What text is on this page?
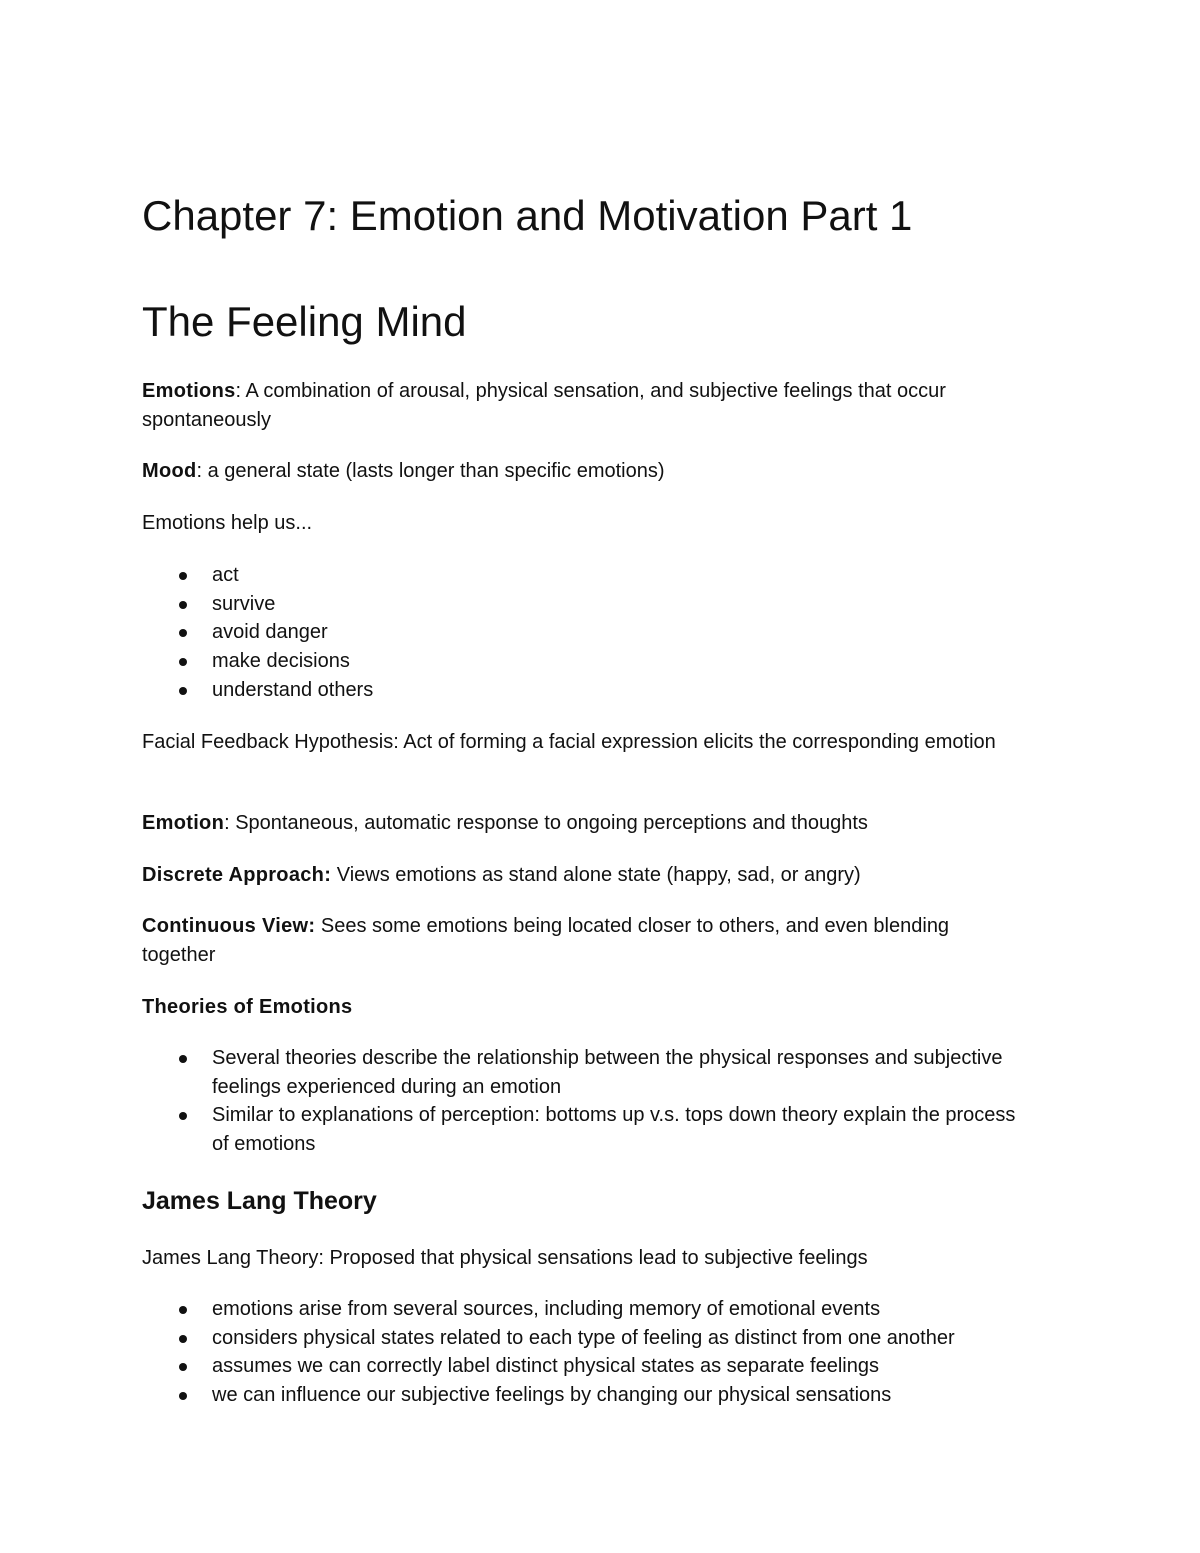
Chapter 7: Emotion and Motivation Part 1
The Feeling Mind

Emotions: A combination of arousal, physical sensation, and subjective feelings that occur spontaneously

Mood: a general state (lasts longer than specific emotions)

Emotions help us...

act
survive
avoid danger
make decisions
understand others

Facial Feedback Hypothesis: Act of forming a facial expression elicits the corresponding emotion

Emotion: Spontaneous, automatic response to ongoing perceptions and thoughts

Discrete Approach: Views emotions as stand alone state (happy, sad, or angry)

Continuous View: Sees some emotions being located closer to others, and even blending together

Theories of Emotions

Several theories describe the relationship between the physical responses and subjective feelings experienced during an emotion
Similar to explanations of perception: bottoms up v.s. tops down theory explain the process of emotions
James Lang Theory

James Lang Theory: Proposed that physical sensations lead to subjective feelings

emotions arise from several sources, including memory of emotional events
considers physical states related to each type of feeling as distinct from one another
assumes we can correctly label distinct physical states as separate feelings
we can influence our subjective feelings by changing our physical sensations
